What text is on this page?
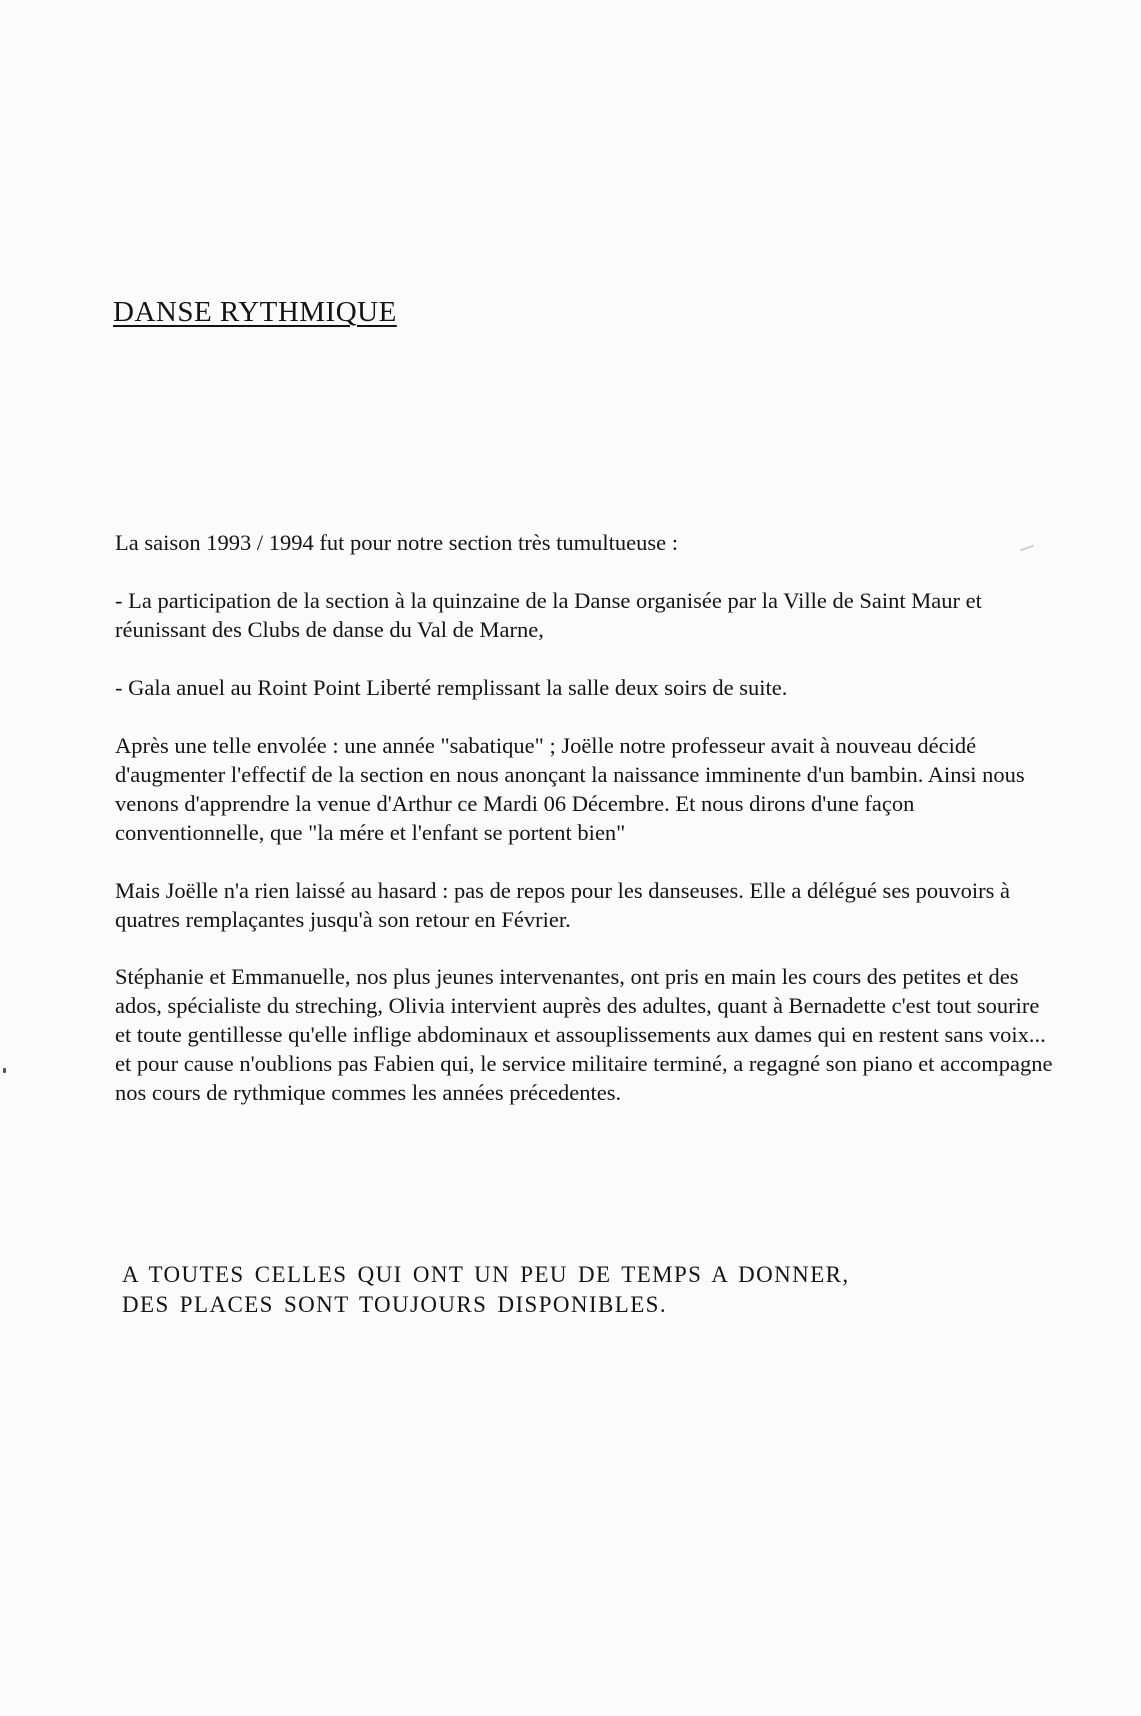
DANSE RYTHMIQUE

La saison 1993 / 1994 fut pour notre section très tumultueuse :

- La participation de la section à la quinzaine de la Danse organisée par la Ville de Saint Maur et réunissant des Clubs de danse du Val de Marne,

- Gala anuel au Roint Point Liberté remplissant la salle deux soirs de suite.

Après une telle envolée : une année "sabatique" ; Joëlle notre professeur avait à nouveau décidé d'augmenter l'effectif de la section en nous anonçant la naissance imminente d'un bambin. Ainsi nous venons d'apprendre la venue d'Arthur ce Mardi 06 Décembre. Et nous dirons d'une façon conventionnelle, que "la mére et l'enfant se portent bien"

Mais Joëlle n'a rien laissé au hasard : pas de repos pour les danseuses. Elle a délégué ses pouvoirs à quatres remplaçantes jusqu'à son retour en Février.

Stéphanie et Emmanuelle, nos plus jeunes intervenantes, ont pris en main les cours des petites et des ados, spécialiste du streching, Olivia intervient auprès des adultes, quant à Bernadette c'est tout sourire et toute gentillesse qu'elle inflige abdominaux et assouplissements aux dames qui en restent sans voix... et pour cause n'oublions pas Fabien qui, le service militaire terminé, a regagné son piano et accompagne nos cours de rythmique commes les années précedentes.

A TOUTES CELLES QUI ONT UN PEU DE TEMPS A DONNER,
DES PLACES SONT TOUJOURS DISPONIBLES.
